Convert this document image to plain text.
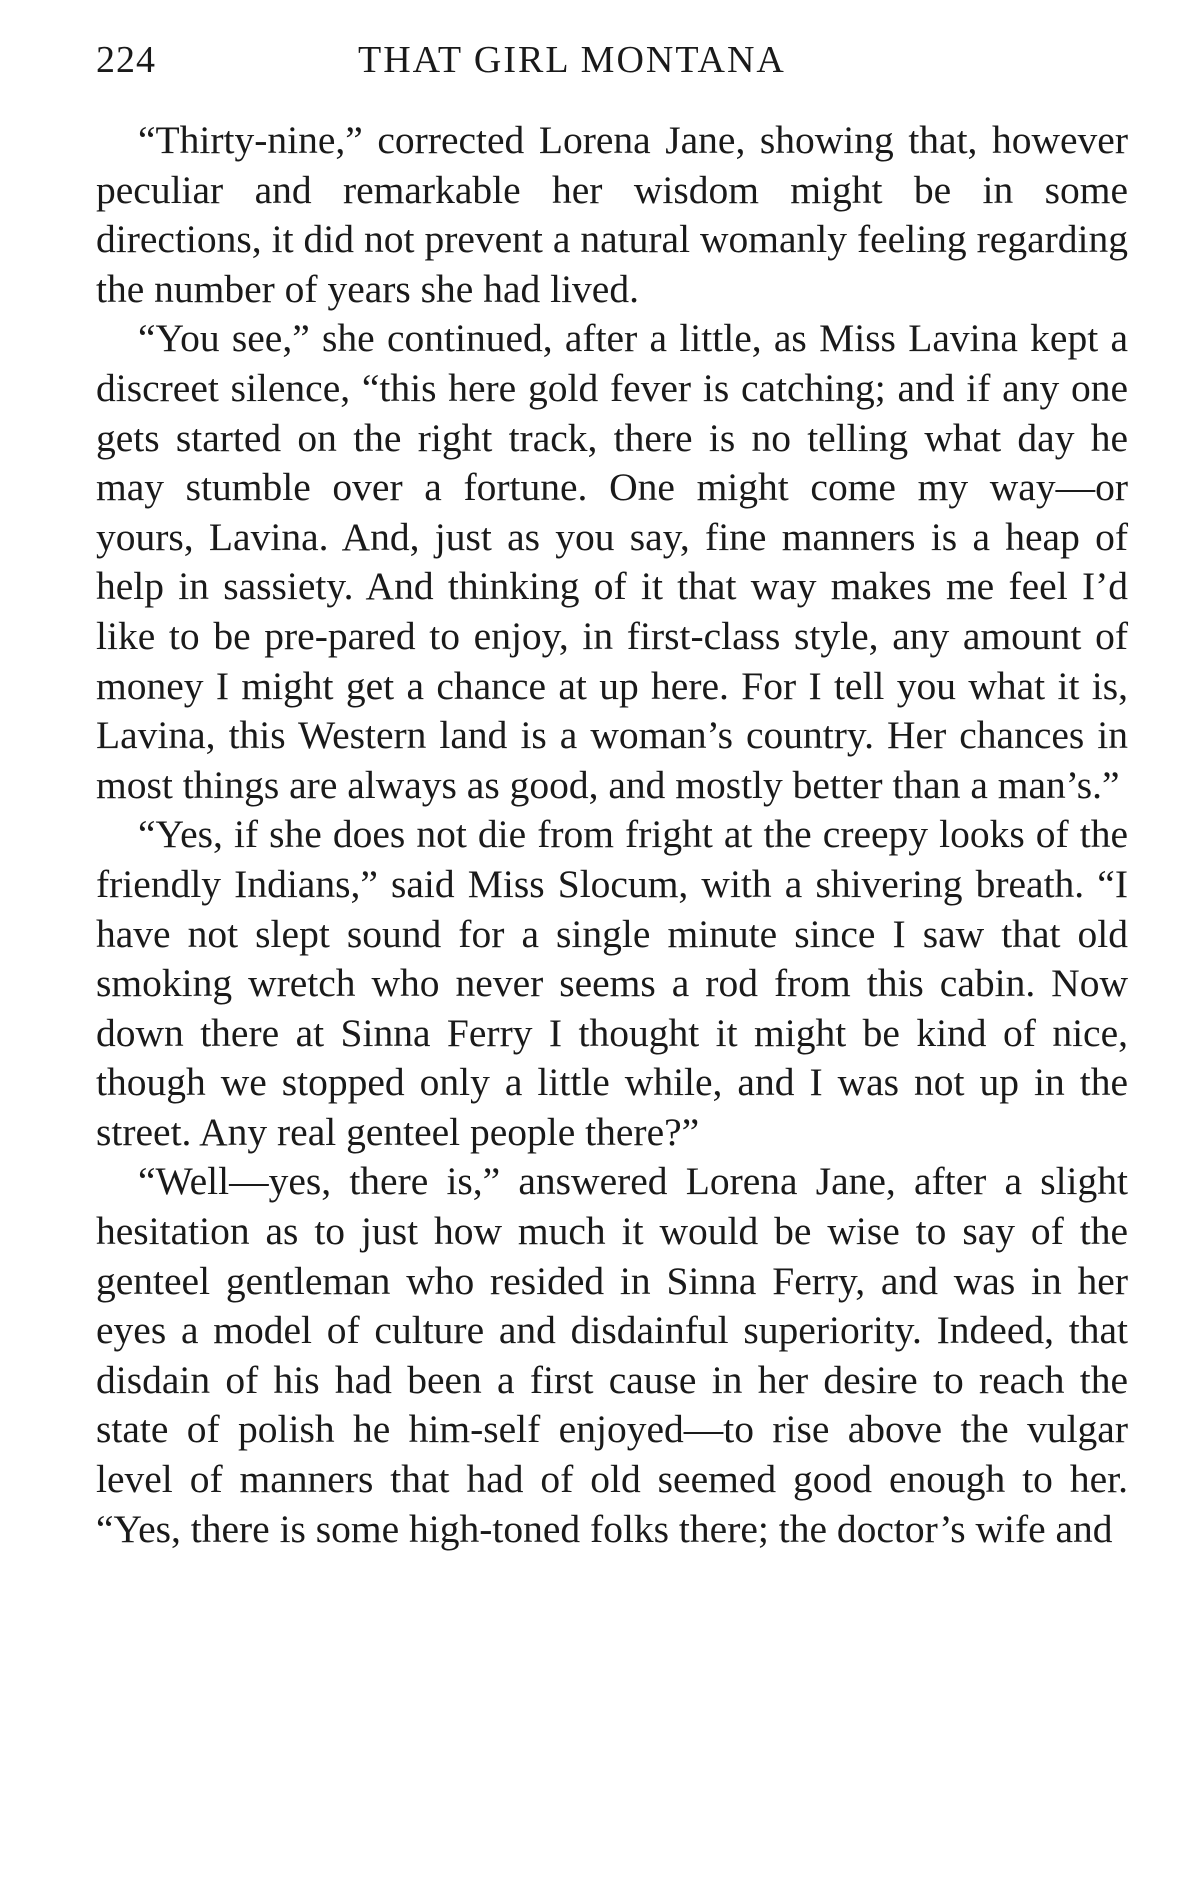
224	THAT GIRL MONTANA

“Thirty-nine,” corrected Lorena Jane, showing that, however peculiar and remarkable her wisdom might be in some directions, it did not prevent a natural womanly feeling regarding the number of years she had lived.

“You see,” she continued, after a little, as Miss Lavina kept a discreet silence, “this here gold fever is catching; and if any one gets started on the right track, there is no telling what day he may stumble over a fortune. One might come my way—or yours, Lavina. And, just as you say, fine manners is a heap of help in sassiety. And thinking of it that way makes me feel I’d like to be pre-pared to enjoy, in first-class style, any amount of money I might get a chance at up here. For I tell you what it is, Lavina, this Western land is a woman’s country. Her chances in most things are always as good, and mostly better than a man’s.”

“Yes, if she does not die from fright at the creepy looks of the friendly Indians,” said Miss Slocum, with a shivering breath. “I have not slept sound for a single minute since I saw that old smoking wretch who never seems a rod from this cabin. Now down there at Sinna Ferry I thought it might be kind of nice, though we stopped only a little while, and I was not up in the street. Any real genteel people there?”

“Well—yes, there is,” answered Lorena Jane, after a slight hesitation as to just how much it would be wise to say of the genteel gentleman who resided in Sinna Ferry, and was in her eyes a model of culture and disdainful superiority. Indeed, that disdain of his had been a first cause in her desire to reach the state of polish he him-self enjoyed—to rise above the vulgar level of manners that had of old seemed good enough to her. “Yes, there is some high-toned folks there; the doctor’s wife and
